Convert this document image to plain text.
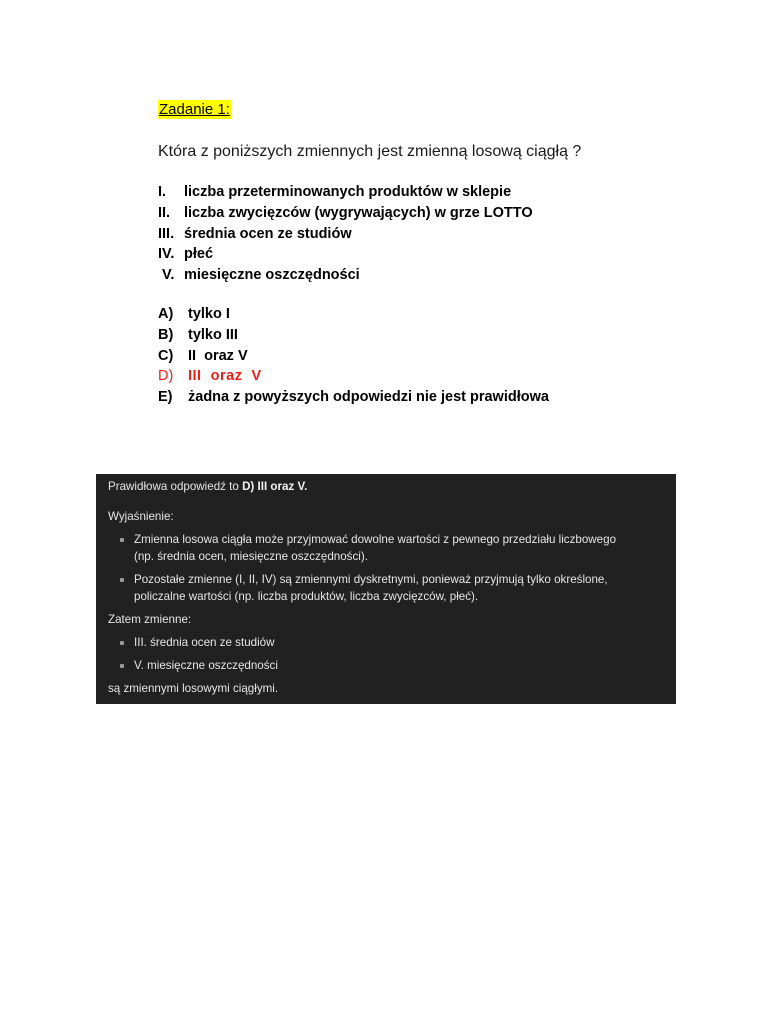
Zadanie 1:
Która z poniższych zmiennych jest zmienną losową ciągłą ?
I. liczba przeterminowanych produktów w sklepie
II. liczba zwycięzców (wygrywających) w grze LOTTO
III. średnia ocen ze studiów
IV. płeć
V. miesięczne oszczędności
A) tylko I
B) tylko III
C) II  oraz V
D) III  oraz  V
E) żadna z powyższych odpowiedzi nie jest prawidłowa
Prawidłowa odpowiedź to D) III oraz V.
Wyjaśnienie:
Zmienna losowa ciągła może przyjmować dowolne wartości z pewnego przedziału liczbowego
(np. średnia ocen, miesięczne oszczędności).
Pozostałe zmienne (I, II, IV) są zmiennymi dyskretnymi, ponieważ przyjmują tylko określone,
policzalne wartości (np. liczba produktów, liczba zwycięzców, płeć).
Zatem zmienne:
III. średnia ocen ze studiów
V. miesięczne oszczędności
są zmiennymi losowymi ciągłymi.
